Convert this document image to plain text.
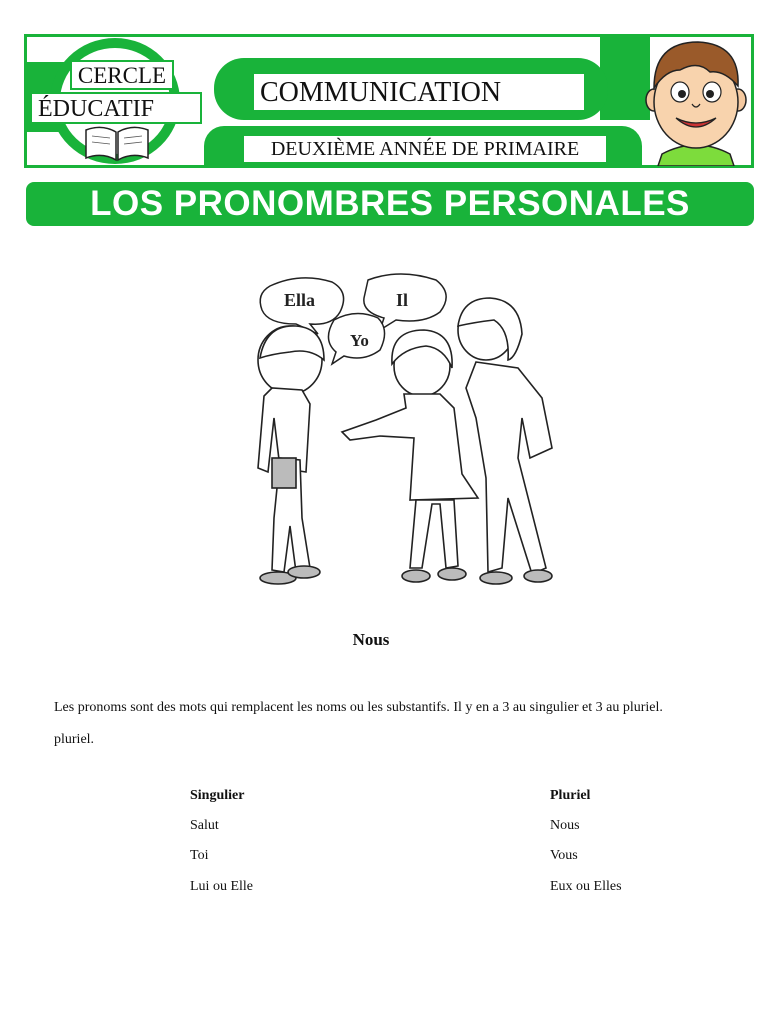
CERCLE
ÉDUCATIF
COMMUNICATION
DEUXIÈME ANNÉE DE PRIMAIRE
LOS PRONOMBRES PERSONALES
Ella	Il
Yo
Nous
Les pronoms sont des mots qui remplacent les noms ou les substantifs. Il y en a 3 au singulier et 3 au pluriel.
pluriel.
Singulier	Pluriel
Salut	Nous
Toi	Vous
Lui ou Elle	Eux ou Elles
